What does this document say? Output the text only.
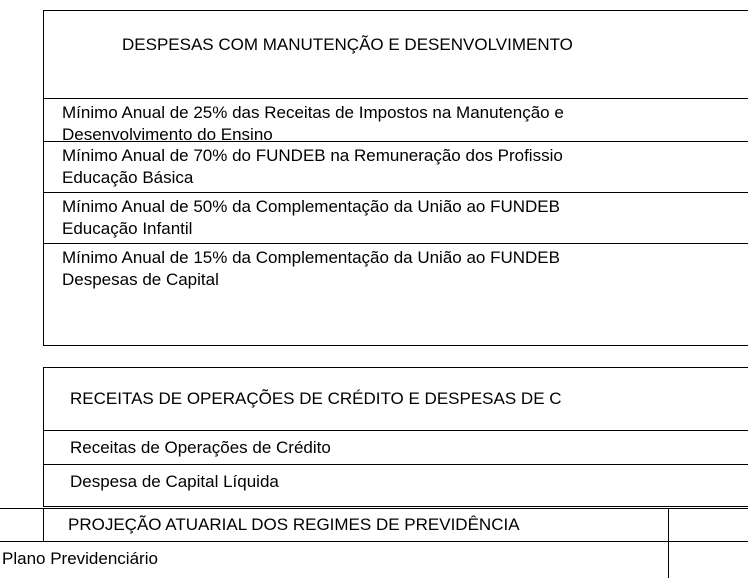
DESPESAS COM MANUTENÇÃO E DESENVOLVIMENTO
Mínimo Anual de 25% das Receitas de Impostos na Manutenção e
Desenvolvimento do Ensino
Mínimo Anual de 70% do FUNDEB na Remuneração dos Profissio
Educação Básica
Mínimo Anual de 50% da Complementação da União ao FUNDEB
Educação Infantil
Mínimo Anual de 15% da Complementação da União ao FUNDEB
Despesas de Capital
RECEITAS DE OPERAÇÕES DE CRÉDITO E DESPESAS DE C
Receitas de Operações de Crédito
Despesa de Capital Líquida
PROJEÇÃO ATUARIAL DOS REGIMES DE PREVIDÊNCIA
Plano Previdenciário
